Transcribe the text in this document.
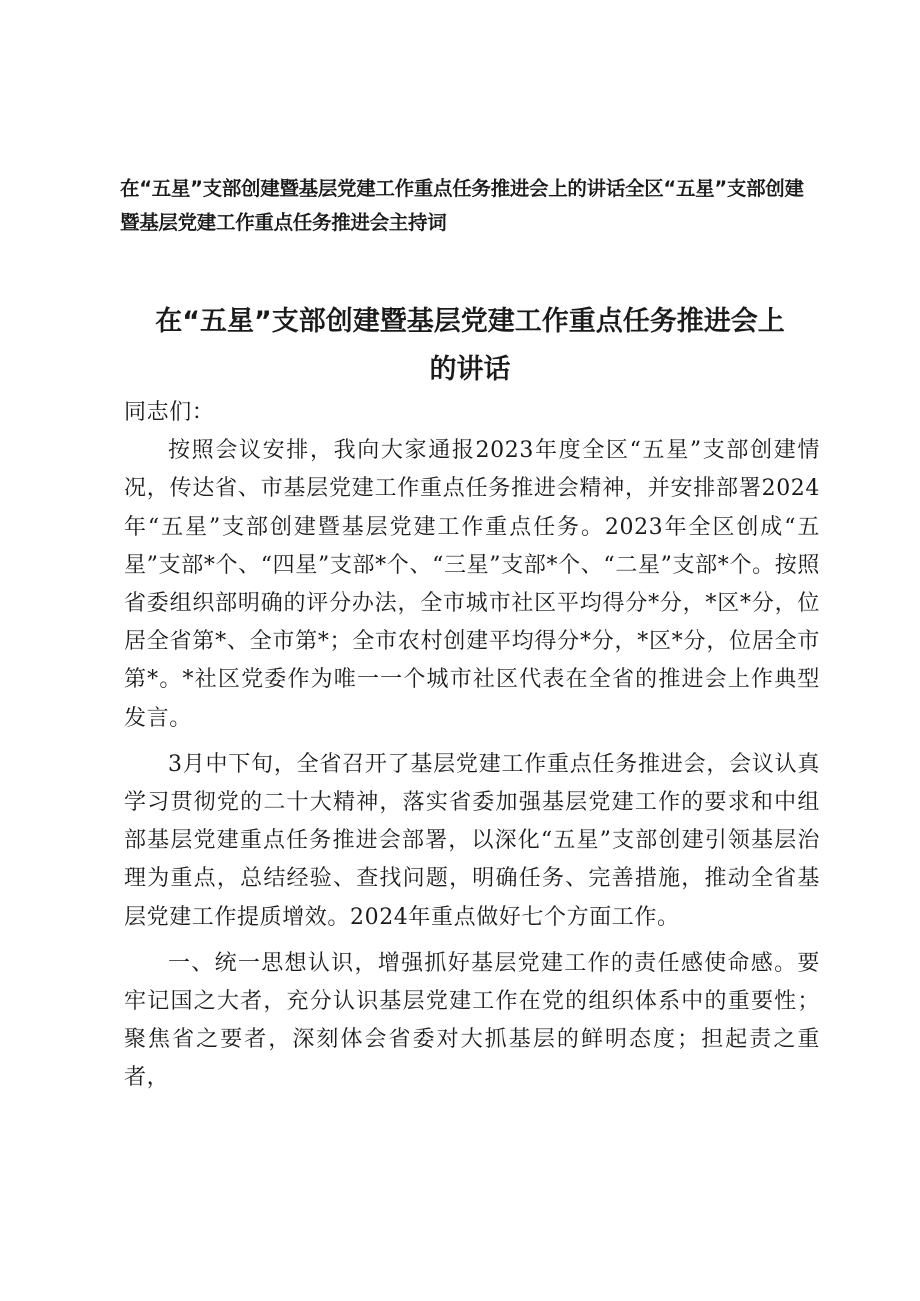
在“五星”支部创建暨基层党建工作重点任务推进会上的讲话全区“五星”支部创建暨基层党建工作重点任务推进会主持词
在“五星”支部创建暨基层党建工作重点任务推进会上
的讲话

同志们：

按照会议安排，我向大家通报2023年度全区“五星”支部创建情况，传达省、市基层党建工作重点任务推进会精神，并安排部署2024年“五星”支部创建暨基层党建工作重点任务。2023年全区创成“五星”支部*个、“四星”支部*个、“三星”支部*个、“二星”支部*个。按照省委组织部明确的评分办法，全市城市社区平均得分*分，*区*分，位居全省第*、全市第*；全市农村创建平均得分*分，*区*分，位居全市第*。*社区党委作为唯一一个城市社区代表在全省的推进会上作典型发言。

3月中下旬，全省召开了基层党建工作重点任务推进会，会议认真学习贯彻党的二十大精神，落实省委加强基层党建工作的要求和中组部基层党建重点任务推进会部署，以深化“五星”支部创建引领基层治理为重点，总结经验、查找问题，明确任务、完善措施，推动全省基层党建工作提质增效。2024年重点做好七个方面工作。

一、统一思想认识，增强抓好基层党建工作的责任感使命感。要牢记国之大者，充分认识基层党建工作在党的组织体系中的重要性；聚焦省之要者，深刻体会省委对大抓基层的鲜明态度；担起责之重者，
